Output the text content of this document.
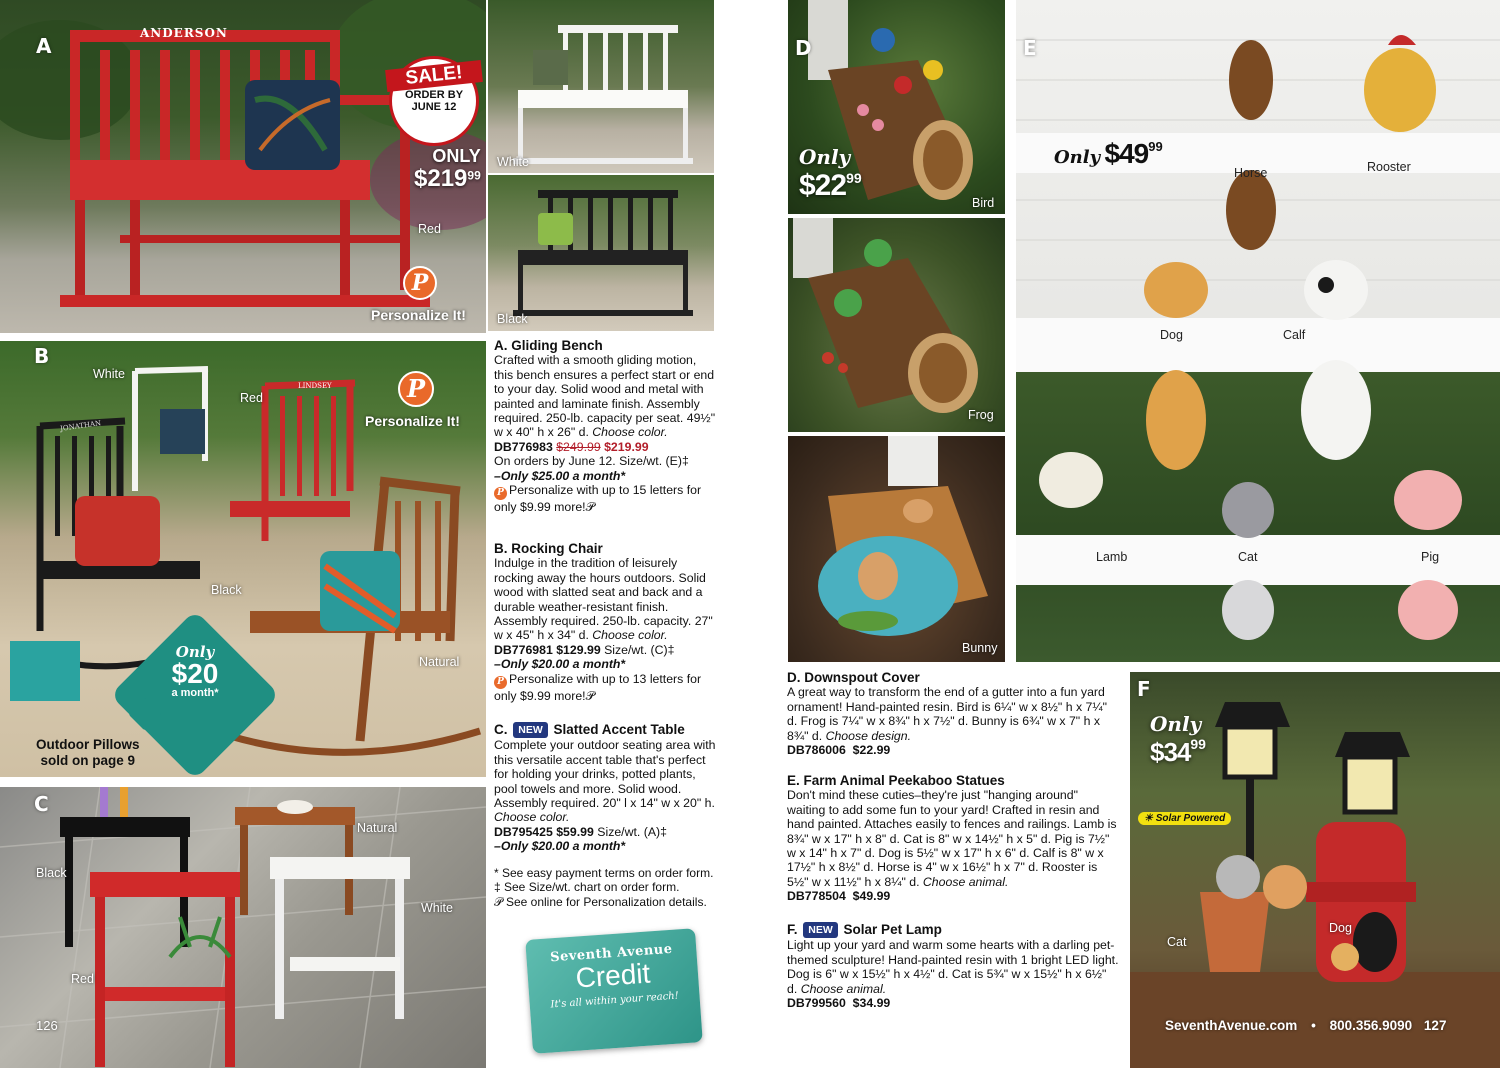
ANDERSON
A
SALE!
ORDER BY
JUNE 12
ONLY
$\$219^{99}$
Red
P
Personalize It!
White
Black
B
White
Red
JONATHAN
LINDSEY	P
Personalize It!
Black
Natural
Only
$20
a month*
Outdoor Pillows
sold on page 9
C
Natural
Black
White
Red
126
A. Gliding Bench

Crafted with a smooth gliding motion, this bench ensures a perfect start or end to your day. Solid wood and metal with painted and laminate finish. Assembly required. 250-lb. capacity per seat. 49½" w x 40" h x 26" d. Choose color.

DB776983 $249.99 $219.99

On orders by June 12. Size/wt. (E)‡

–Only $25.00 a month*

P Personalize with up to 15 letters for only $9.99 more!𝒫

B. Rocking Chair

Indulge in the tradition of leisurely rocking away the hours outdoors. Solid wood with slatted seat and back and a durable weather-resistant finish. Assembly required. 250-lb. capacity. 27" w x 45" h x 34" d. Choose color.

DB776981 $129.99 Size/wt. (C)‡

–Only $20.00 a month*

P Personalize with up to 13 letters for only $9.99 more!𝒫

C. NEW Slatted Accent Table

Complete your outdoor seating area with this versatile accent table that's perfect for holding your drinks, potted plants, pool towels and more. Solid wood. Assembly required. 20" l x 14" w x 20" h. Choose color.

DB795425 $59.99 Size/wt. (A)‡

–Only $20.00 a month*

* See easy payment terms on order form.

‡ See Size/wt. chart on order form.

𝒫 See online for Personalization details.

Seventh Avenue
Credit
It's all within your reach!
D
Only
$\$22^{99}$
Bird
Frog
Bunny
E
Only $\$49^{99}$
Horse	Rooster
Dog	Calf
Lamb	Cat	Pig
F
Only
$\$34^{99}$
☀ Solar Powered
Cat
Dog
SeventhAvenue.com • 800.356.9090 127
D. Downspout Cover

A great way to transform the end of a gutter into a fun yard ornament! Hand-painted resin. Bird is 6¼" w x 8½" h x 7¼" d. Frog is 7¼" w x 8¾" h x 7½" d. Bunny is 6¾" w x 7" h x 8¾" d. Choose design.

DB786006 $22.99

E. Farm Animal Peekaboo Statues

Don't mind these cuties–they're just "hanging around" waiting to add some fun to your yard! Crafted in resin and hand painted. Attaches easily to fences and railings. Lamb is 8¾" w x 17" h x 8" d. Cat is 8" w x 14½" h x 5" d. Pig is 7½" w x 14" h x 7" d. Dog is 5½" w x 17" h x 6" d. Calf is 8" w x 17½" h x 8½" d. Horse is 4" w x 16½" h x 7" d. Rooster is 5½" w x 11½" h x 8¼" d. Choose animal.

DB778504 $49.99

F. NEW Solar Pet Lamp

Light up your yard and warm some hearts with a darling pet-themed sculpture! Hand-painted resin with 1 bright LED light. Dog is 6" w x 15½" h x 4½" d. Cat is 5¾" w x 15½" h x 6½" d. Choose animal.

DB799560 $34.99
